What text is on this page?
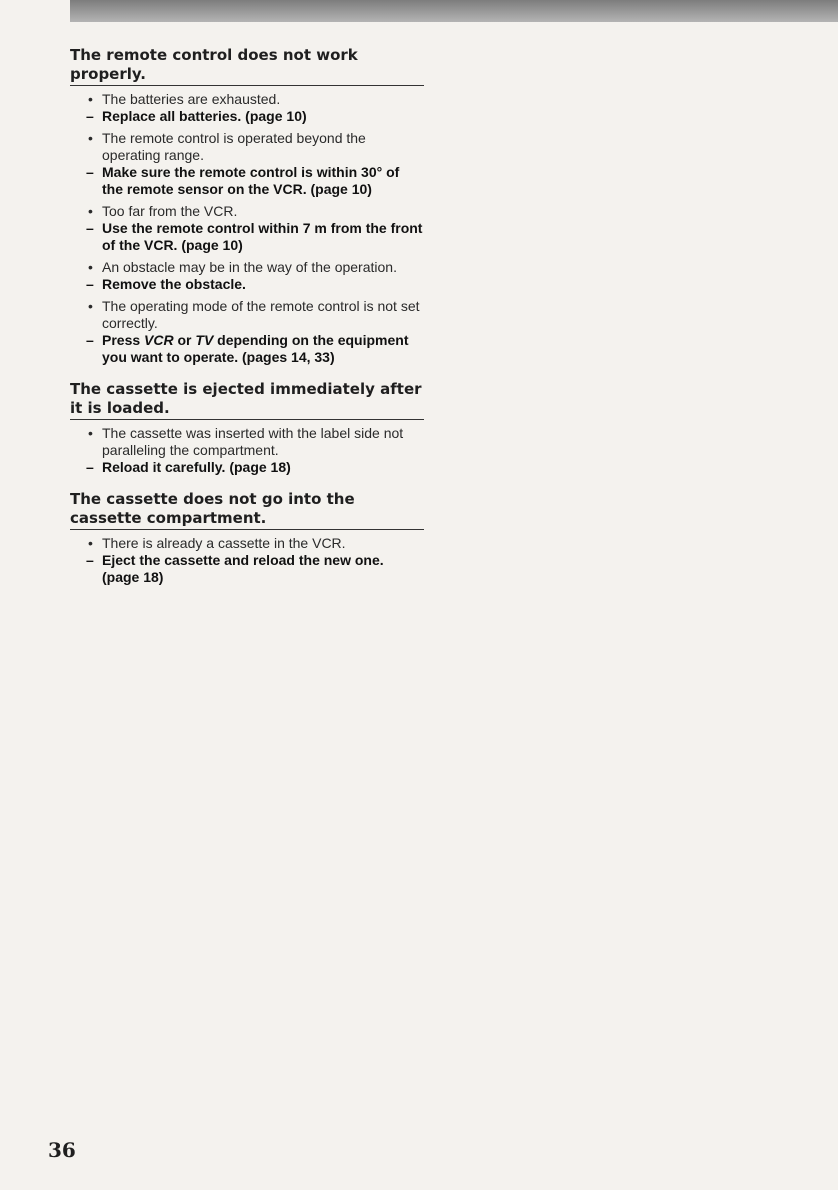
The remote control does not work properly.
• The batteries are exhausted.
– Replace all batteries. (page 10)
• The remote control is operated beyond the operating range.
– Make sure the remote control is within 30° of the remote sensor on the VCR. (page 10)
• Too far from the VCR.
– Use the remote control within 7 m from the front of the VCR. (page 10)
• An obstacle may be in the way of the operation.
– Remove the obstacle.
• The operating mode of the remote control is not set correctly.
– Press VCR or TV depending on the equipment you want to operate. (pages 14, 33)
The cassette is ejected immediately after it is loaded.
• The cassette was inserted with the label side not paralleling the compartment.
– Reload it carefully. (page 18)
The cassette does not go into the cassette compartment.
• There is already a cassette in the VCR.
– Eject the cassette and reload the new one. (page 18)
36
